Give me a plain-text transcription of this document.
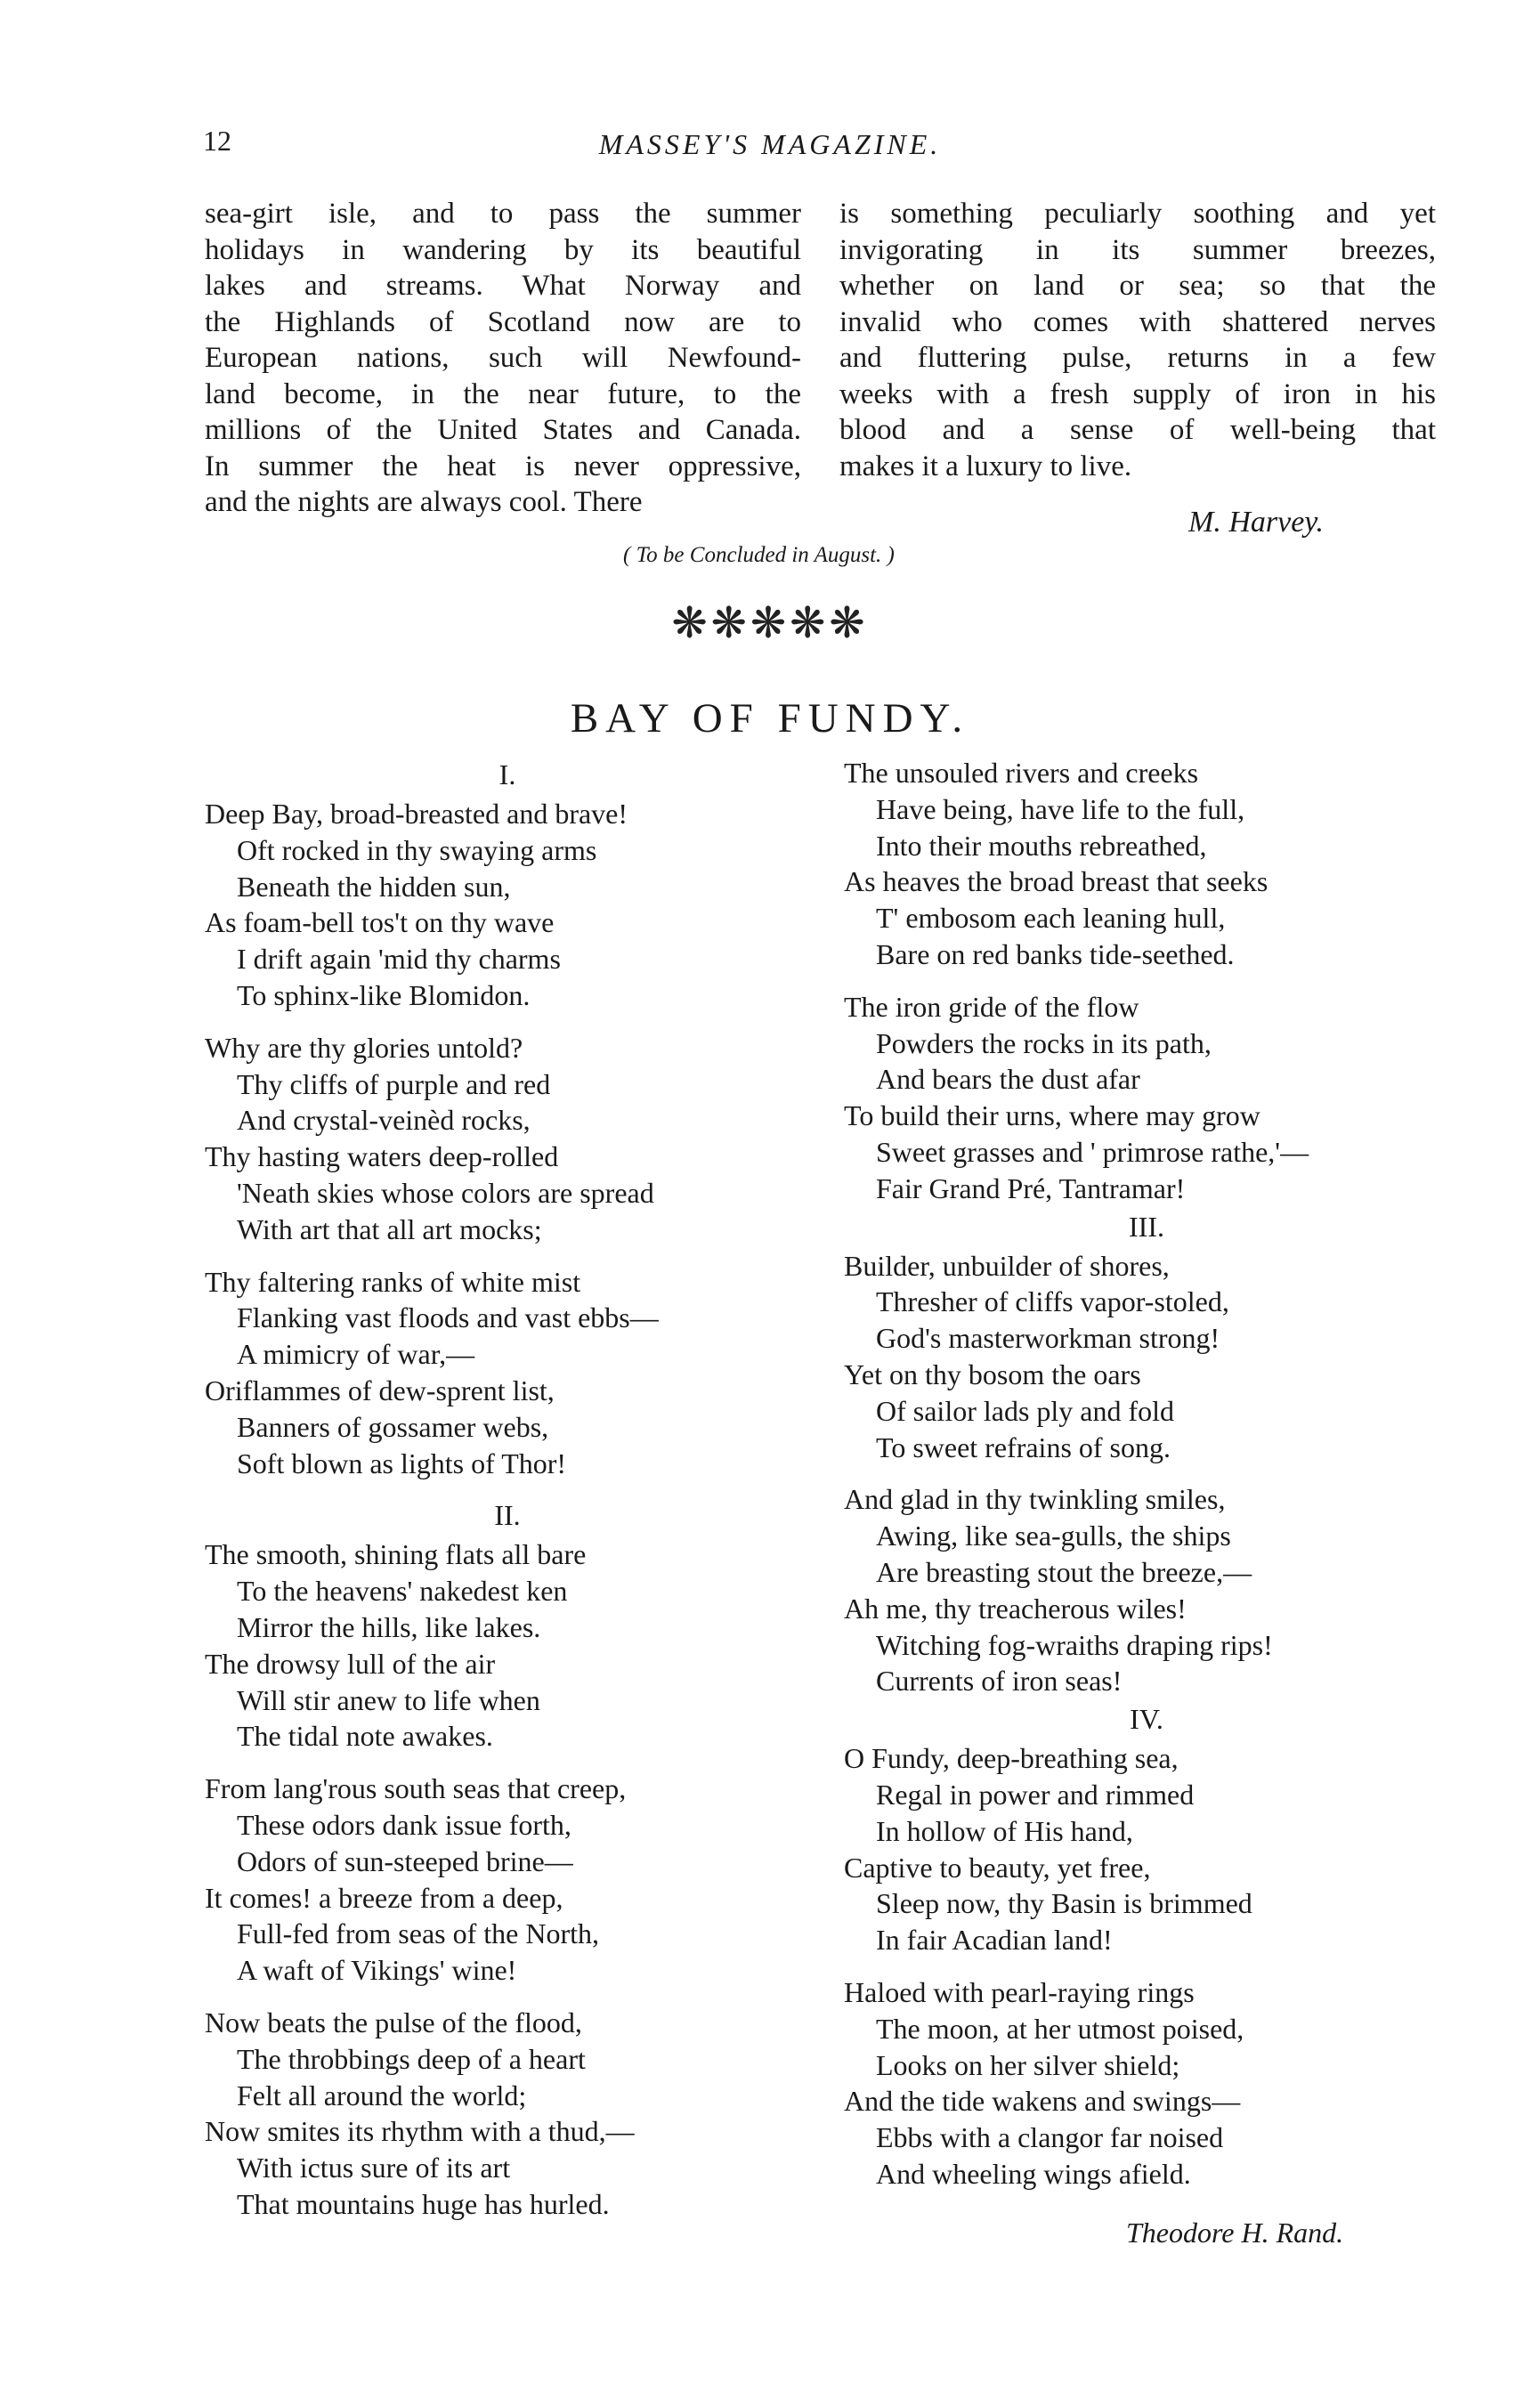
12	MASSEY'S MAGAZINE.
sea-girt isle, and to pass the summer
holidays in wandering by its beautiful
lakes and streams. What Norway and
the Highlands of Scotland now are to
European nations, such will Newfound-
land become, in the near future, to the
millions of the United States and Canada.
In summer the heat is never oppressive,
and the nights are always cool. There
is something peculiarly soothing and yet
invigorating in its summer breezes,
whether on land or sea; so that the
invalid who comes with shattered nerves
and fluttering pulse, returns in a few
weeks with a fresh supply of iron in his
blood and a sense of well-being that
makes it a luxury to live.
M. Harvey.
( To be Concluded in August. )
❋❋❋❋❋
BAY OF FUNDY.
I.
Deep Bay, broad-breasted and brave!
Oft rocked in thy swaying arms
Beneath the hidden sun,
As foam-bell tos't on thy wave
I drift again 'mid thy charms
To sphinx-like Blomidon.
Why are thy glories untold?
Thy cliffs of purple and red
And crystal-veinèd rocks,
Thy hasting waters deep-rolled
'Neath skies whose colors are spread
With art that all art mocks;
Thy faltering ranks of white mist
Flanking vast floods and vast ebbs—
A mimicry of war,—
Oriflammes of dew-sprent list,
Banners of gossamer webs,
Soft blown as lights of Thor!
II.
The smooth, shining flats all bare
To the heavens' nakedest ken
Mirror the hills, like lakes.
The drowsy lull of the air
Will stir anew to life when
The tidal note awakes.
From lang'rous south seas that creep,
These odors dank issue forth,
Odors of sun-steeped brine—
It comes! a breeze from a deep,
Full-fed from seas of the North,
A waft of Vikings' wine!
Now beats the pulse of the flood,
The throbbings deep of a heart
Felt all around the world;
Now smites its rhythm with a thud,—
With ictus sure of its art
That mountains huge has hurled.
The unsouled rivers and creeks
Have being, have life to the full,
Into their mouths rebreathed,
As heaves the broad breast that seeks
T' embosom each leaning hull,
Bare on red banks tide-seethed.
The iron gride of the flow
Powders the rocks in its path,
And bears the dust afar
To build their urns, where may grow
Sweet grasses and ' primrose rathe,'—
Fair Grand Pré, Tantramar!
III.
Builder, unbuilder of shores,
Thresher of cliffs vapor-stoled,
God's masterworkman strong!
Yet on thy bosom the oars
Of sailor lads ply and fold
To sweet refrains of song.
And glad in thy twinkling smiles,
Awing, like sea-gulls, the ships
Are breasting stout the breeze,—
Ah me, thy treacherous wiles!
Witching fog-wraiths draping rips!
Currents of iron seas!
IV.
O Fundy, deep-breathing sea,
Regal in power and rimmed
In hollow of His hand,
Captive to beauty, yet free,
Sleep now, thy Basin is brimmed
In fair Acadian land!
Haloed with pearl-raying rings
The moon, at her utmost poised,
Looks on her silver shield;
And the tide wakens and swings—
Ebbs with a clangor far noised
And wheeling wings afield.
Theodore H. Rand.
